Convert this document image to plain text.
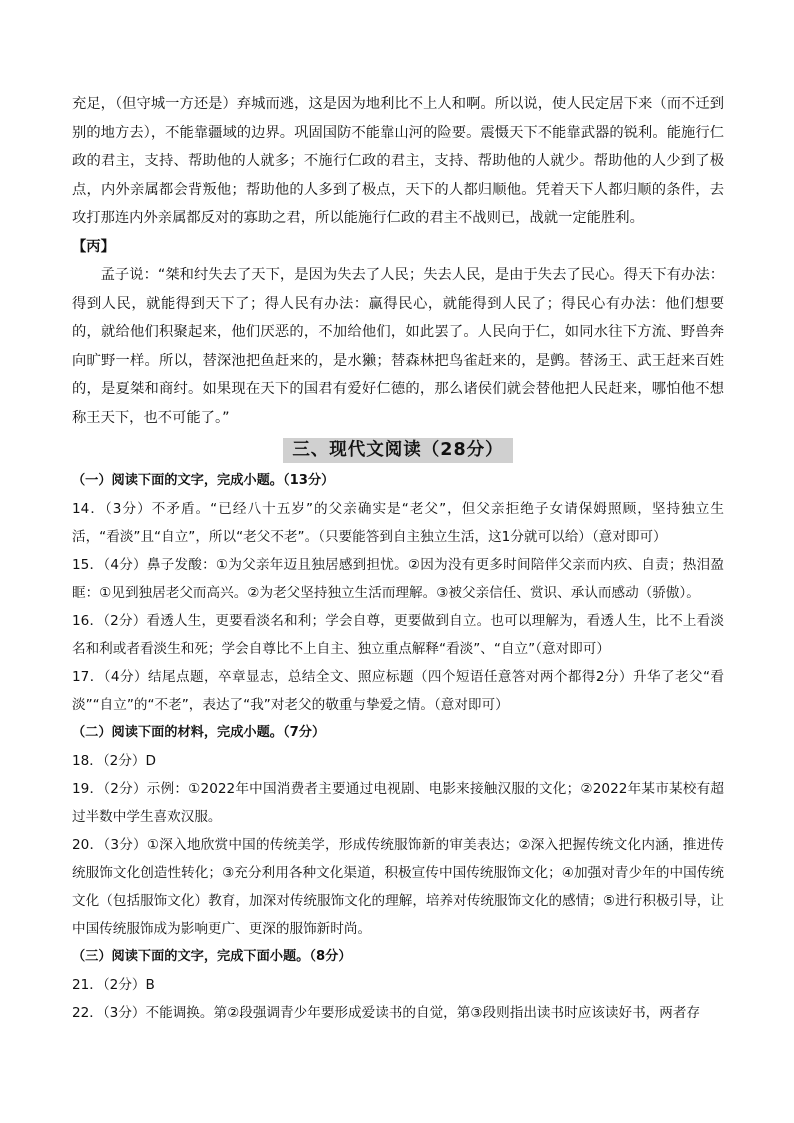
充足，（但守城一方还是）弃城而逃，这是因为地利比不上人和啊。所以说，使人民定居下来（而不迁到别的地方去），不能靠疆域的边界。巩固国防不能靠山河的险要。震慑天下不能靠武器的锐利。能施行仁政的君主，支持、帮助他的人就多；不施行仁政的君主，支持、帮助他的人就少。帮助他的人少到了极点，内外亲属都会背叛他；帮助他的人多到了极点，天下的人都归顺他。凭着天下人都归顺的条件，去攻打那连内外亲属都反对的寡助之君，所以能施行仁政的君主不战则已，战就一定能胜利。

【丙】

孟子说：“桀和纣失去了天下，是因为失去了人民；失去人民，是由于失去了民心。得天下有办法：得到人民，就能得到天下了；得人民有办法：赢得民心，就能得到人民了；得民心有办法：他们想要的，就给他们积聚起来，他们厌恶的，不加给他们，如此罢了。人民向于仁，如同水往下方流、野兽奔向旷野一样。所以，替深池把鱼赶来的，是水獭；替森林把鸟雀赶来的，是鹯。替汤王、武王赶来百姓的，是夏桀和商纣。如果现在天下的国君有爱好仁德的，那么诸侯们就会替他把人民赶来，哪怕他不想称王天下，也不可能了。”

三、现代文阅读（28分）

（一）阅读下面的文字，完成小题。（13分）

14．（3分）不矛盾。“已经八十五岁”的父亲确实是“老父”，但父亲拒绝子女请保姆照顾，坚持独立生活，“看淡”且“自立”，所以“老父不老”。（只要能答到自主独立生活，这1分就可以给）（意对即可）

15．（4分）鼻子发酸：①为父亲年迈且独居感到担忧。②因为没有更多时间陪伴父亲而内疚、自责；热泪盈眶：①见到独居老父而高兴。②为老父坚持独立生活而理解。③被父亲信任、赏识、承认而感动（骄傲）。

16．（2分）看透人生，更要看淡名和利；学会自尊，更要做到自立。也可以理解为，看透人生，比不上看淡名和利或者看淡生和死；学会自尊比不上自主、独立重点解释“看淡”、“自立”（意对即可）

17．（4分）结尾点题，卒章显志，总结全文、照应标题（四个短语任意答对两个都得2分）升华了老父“看淡”“自立”的“不老”，表达了“我”对老父的敬重与挚爱之情。（意对即可）

（二）阅读下面的材料，完成小题。（7分）

18．（2分）D

19．（2分）示例：①2022年中国消费者主要通过电视剧、电影来接触汉服的文化；②2022年某市某校有超过半数中学生喜欢汉服。

20．（3分）①深入地欣赏中国的传统美学，形成传统服饰新的审美表达；②深入把握传统文化内涵，推进传统服饰文化创造性转化；③充分利用各种文化渠道，积极宣传中国传统服饰文化；④加强对青少年的中国传统文化（包括服饰文化）教育，加深对传统服饰文化的理解，培养对传统服饰文化的感情；⑤进行积极引导，让中国传统服饰成为影响更广、更深的服饰新时尚。

（三）阅读下面的文字，完成下面小题。（8分）

21．（2分）B

22．（3分）不能调换。第②段强调青少年要形成爱读书的自觉，第③段则指出读书时应该读好书，两者存
